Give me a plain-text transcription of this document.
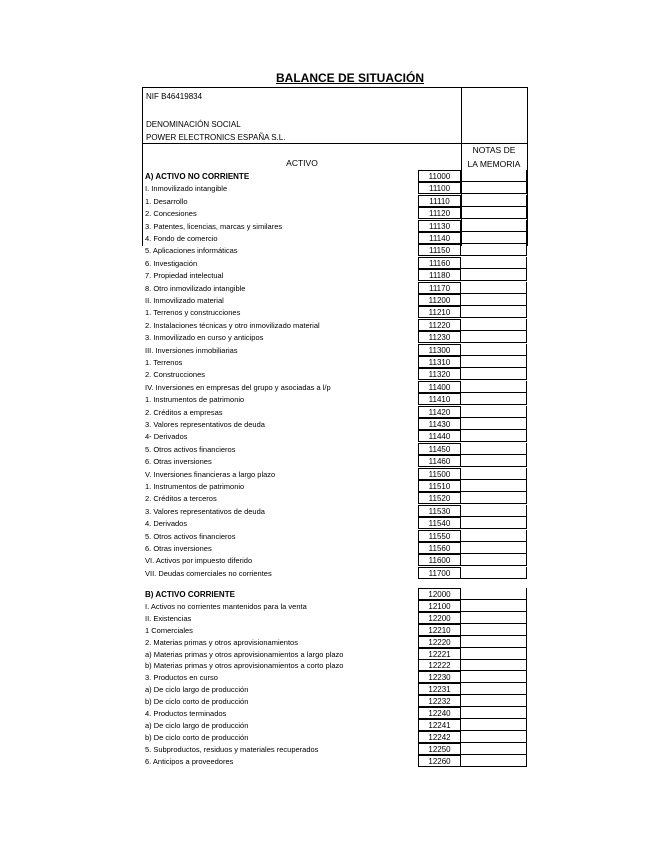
BALANCE DE SITUACIÓN
NIF B46419834
DENOMINACIÓN SOCIAL
POWER ELECTRONICS ESPAÑA S.L.
ACTIVO
NOTAS DE
LA MEMORIA
A) ACTIVO NO CORRIENTE	11000
I. Inmovilizado intangible	11100
1. Desarrollo	11110
2. Concesiones	11120
3. Patentes, licencias, marcas y similares	11130
4. Fondo de comercio	11140
5. Aplicaciones informáticas	11150
6. Investigación	11160
7. Propiedad intelectual	11180
8. Otro inmovilizado intangible	11170
II. Inmovilizado material	11200
1. Terrenos y construcciones	11210
2. Instalaciones técnicas y otro inmovilizado material	11220
3. Inmovilizado en curso y anticipos	11230
III. Inversiones inmobiliarias	11300
1. Terrenos	11310
2. Construcciones	11320
IV. Inversiones en empresas del grupo y asociadas a l/p	11400
1. Instrumentos de patrimonio	11410
2. Créditos a empresas	11420
3. Valores representativos de deuda	11430
4- Derivados	11440
5. Otros activos financieros	11450
6. Otras inversiones	11460
V. Inversiones financieras a largo plazo	11500
1. Instrumentos de patrimonio	11510
2. Créditos a terceros	11520
3. Valores representativos de deuda	11530
4. Derivados	11540
5. Otros activos financieros	11550
6. Otras inversiones	11560
VI. Activos por impuesto diferido	11600
VII. Deudas comerciales no corrientes	11700
B) ACTIVO CORRIENTE	12000
I. Activos no corrientes mantenidos para la venta	12100
II. Existencias	12200
1 Comerciales	12210
2. Materias primas y otros aprovisionamientos	12220
a) Materias primas y otros aprovisionamientos a largo plazo	12221
b) Materias primas y otros aprovisionamientos a corto plazo	12222
3. Productos en curso	12230
a) De ciclo largo de producción	12231
b) De ciclo corto de producción	12232
4. Productos terminados	12240
a) De ciclo largo de producción	12241
b) De ciclo corto de producción	12242
5. Subproductos, residuos y materiales recuperados	12250
6. Anticipos a proveedores	12260
